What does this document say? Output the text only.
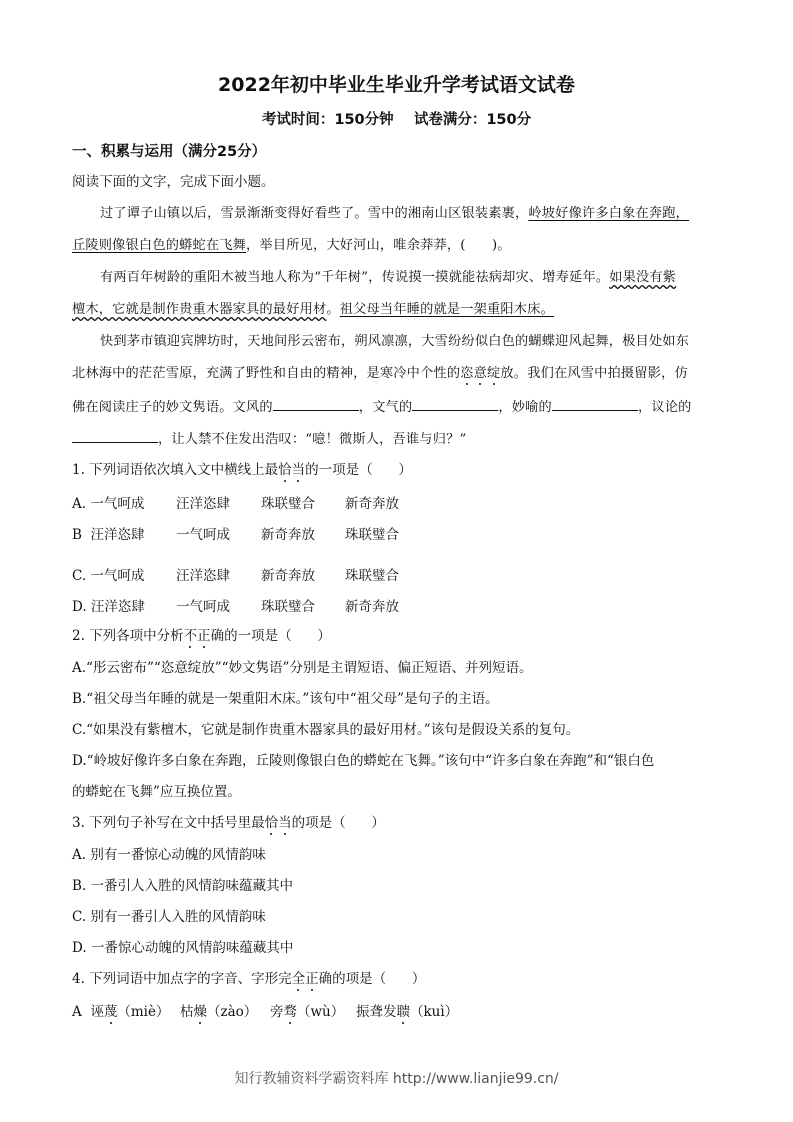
2022年初中毕业生毕业升学考试语文试卷
考试时间：150分钟    试卷满分：150分
一、积累与运用（满分25分）
阅读下面的文字，完成下面小题。
过了谭子山镇以后，雪景渐渐变得好看些了。雪中的湘南山区银装素裹，岭坡好像许多白象在奔跑，
丘陵则像银白色的蟒蛇在飞舞，举目所见，大好河山，唯余莽莽，(      )。
有两百年树龄的重阳木被当地人称为“千年树”，传说摸一摸就能祛病却灾、增寿延年。如果没有紫
檀木，它就是制作贵重木器家具的最好用材。祖父母当年睡的就是一架重阳木床。
快到茅市镇迎宾牌坊时，天地间彤云密布，朔风凛凛，大雪纷纷似白色的蝴蝶迎风起舞，极目处如东
北林海中的茫茫雪原，充满了野性和自由的精神，是寒冷中个性的恣意绽放。我们在风雪中拍摄留影，仿
佛在阅读庄子的妙文隽语。文风的	，文气的	，妙喻的	，议论的
，让人禁不住发出浩叹：“噫！微斯人，吾谁与归？”
1. 下列词语依次填入文中横线上最恰当的一项是（      ）
A. 一气呵成 汪洋恣肆 珠联璧合 新奇奔放
B  汪洋恣肆 一气呵成 新奇奔放 珠联璧合
C. 一气呵成 汪洋恣肆 新奇奔放 珠联璧合
D. 汪洋恣肆 一气呵成 珠联璧合 新奇奔放
2. 下列各项中分析不正确的一项是（      ）
A.“彤云密布”“恣意绽放”“妙文隽语”分别是主谓短语、偏正短语、并列短语。
B.“祖父母当年睡的就是一架重阳木床。”该句中“祖父母”是句子的主语。
C.“如果没有紫檀木，它就是制作贵重木器家具的最好用材。”该句是假设关系的复句。
D.“岭坡好像许多白象在奔跑，丘陵则像银白色的蟒蛇在飞舞。”该句中“许多白象在奔跑”和“银白色
的蟒蛇在飞舞”应互换位置。
3. 下列句子补写在文中括号里最恰当的项是（      ）
A. 别有一番惊心动魄的风情韵味
B. 一番引人入胜的风情韵味蕴藏其中
C. 别有一番引人入胜的风情韵味
D. 一番惊心动魄的风情韵味蕴藏其中
4. 下列词语中加点字的字音、字形完全正确的项是（      ）
A  诬蔑（miè） 枯燥（zào） 旁骛（wù） 振聋发聩（kuì）
知行教辅资料学霸资料库 http://www.lianjie99.cn/
